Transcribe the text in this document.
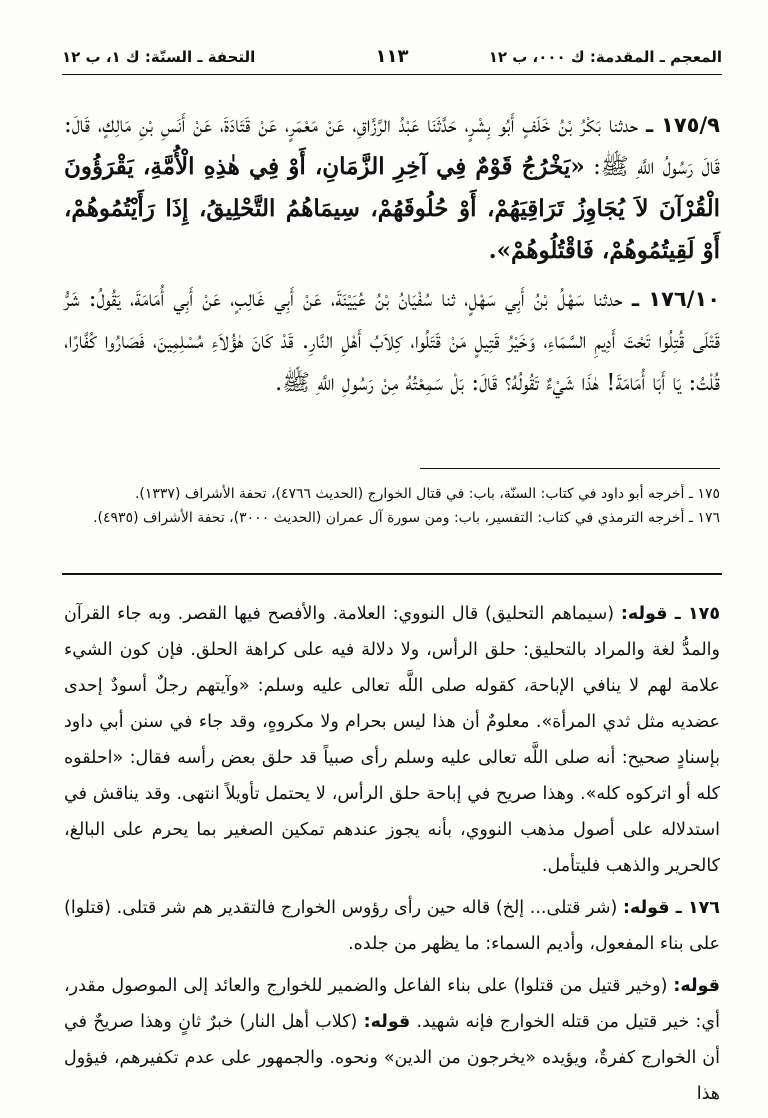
المعجم ـ المقدمة: ك ٠٠٠، ب ١٢
١١٣
التحفة ـ السنّة: ك ١، ب ١٢
١٧٥/٩ ـ حدثنا بَكْرُ بْنُ خَلَفٍ أَبُو بِشْرٍ، حَدَّثَنَا عَبْدُ الرَّزَّاقِ، عَنْ مَعْمَرٍ، عَنْ قَتَادَةَ، عَنْ أَنَسِ بْنِ مَالِكٍ، قَالَ: قَالَ رَسُولُ اللَّهِ ﷺ: «يَخْرُجُ قَوْمٌ فِي آخِرِ الزَّمَانِ، أَوْ فِي هٰذِهِ الْأُمَّةِ، يَقْرَؤُونَ الْقُرْآنَ لاَ يُجَاوِزُ تَرَاقِيَهُمْ، أَوْ حُلُوقَهُمْ، سِيمَاهُمُ التَّحْلِيقُ، إِذَا رَأَيْتُمُوهُمْ، أَوْ لَقِيتُمُوهُمْ، فَاقْتُلُوهُمْ».
١٧٦/١٠ ـ حدثنا سَهْلُ بْنُ أَبِي سَهْلٍ، ثنا سُفْيَانُ بْنُ عُيَيْنَةَ، عَنْ أَبِي غَالِبٍ، عَنْ أَبِي أُمَامَةَ، يَقُولُ: شَرُّ قَتْلَى قُتِلُوا تَحْتَ أَدِيمِ السَّمَاءِ، وَخَيْرُ قَتِيلٍ مَنْ قَتَلُوا، كِلاَبُ أَهْلِ النَّارِ. قَدْ كَانَ هٰؤُلاَءِ مُسْلِمِينَ، فَصَارُوا كُفَّارًا، قُلْتُ: يَا أَبَا أُمَامَةَ! هٰذَا شَيْءٌ تَقُولُهُ؟ قَالَ: بَلْ سَمِعْتُهُ مِنْ رَسُولِ اللَّهِ ﷺ.
١٧٥ ـ أخرجه أبو داود في كتاب: السنّة، باب: في قتال الخوارج (الحديث ٤٧٦٦)، تحفة الأشراف (١٣٣٧).
١٧٦ ـ أخرجه الترمذي في كتاب: التفسير، باب: ومن سورة آل عمران (الحديث ٣٠٠٠)، تحفة الأشراف (٤٩٣٥).

١٧٥ ـ قوله: (سيماهم التحليق) قال النووي: العلامة. والأفصح فيها القصر. وبه جاء القرآن والمدُّ لغة والمراد بالتحليق: حلق الرأس، ولا دلالة فيه على كراهة الحلق. فإن كون الشيء علامة لهم لا ينافي الإباحة، كقوله صلى اللَّه تعالى عليه وسلم: «وآيتهم رجلٌ أسودٌ إحدى عضديه مثل ثدي المرأة». معلومٌ أن هذا ليس بحرام ولا مكروهٍ، وقد جاء في سنن أبي داود بإسنادٍ صحيح: أنه صلى اللَّه تعالى عليه وسلم رأى صبياً قد حلق بعض رأسه فقال: «احلقوه كله أو اتركوه كله». وهذا صريح في إباحة حلق الرأس، لا يحتمل تأويلاً انتهى. وقد يناقش في استدلاله على أصول مذهب النووي، بأنه يجوز عندهم تمكين الصغير بما يحرم على البالغ، كالحرير والذهب فليتأمل.

١٧٦ ـ قوله: (شر قتلى... إلخ) قاله حين رأى رؤوس الخوارج فالتقدير هم شر قتلى. (قتلوا) على بناء المفعول، وأديم السماء: ما يظهر من جلده.

قوله: (وخير قتيل من قتلوا) على بناء الفاعل والضمير للخوارج والعائد إلى الموصول مقدر، أي: خير قتيل من قتله الخوارج فإنه شهيد. قوله: (كلاب أهل النار) خبرٌ ثانٍ وهذا صريحٌ في أن الخوارج كفرةٌ، ويؤيده «يخرجون من الدين» ونحوه. والجمهور على عدم تكفيرهم، فيؤول هذا
